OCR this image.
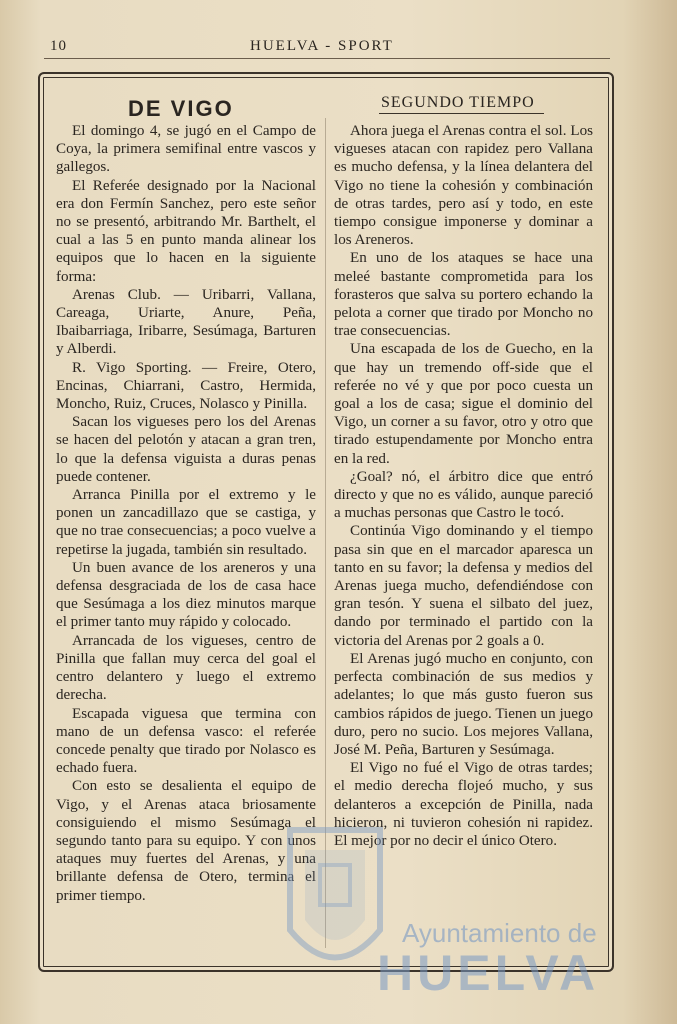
10	HUELVA - SPORT
DE VIGO	SEGUNDO TIEMPO

El domingo 4, se jugó en el Campo de Coya, la primera semifinal entre vascos y gallegos.

El Referée designado por la Nacional era don Fermín Sanchez, pero este señor no se presentó, arbitrando Mr. Barthelt, el cual a las 5 en punto manda alinear los equipos que lo hacen en la siguiente forma:

Arenas Club. — Uribarri, Vallana, Careaga, Uriarte, Anure, Peña, Ibaibarriaga, Iribarre, Sesúmaga, Barturen y Alberdi.

R. Vigo Sporting. — Freire, Otero, Encinas, Chiarrani, Castro, Hermida, Moncho, Ruiz, Cruces, Nolasco y Pinilla.

Sacan los vigueses pero los del Arenas se hacen del pelotón y atacan a gran tren, lo que la defensa viguista a duras penas puede contener.

Arranca Pinilla por el extremo y le ponen un zancadillazo que se castiga, y que no trae consecuencias; a poco vuelve a repetirse la jugada, también sin resultado.

Un buen avance de los areneros y una defensa desgraciada de los de casa hace que Sesúmaga a los diez minutos marque el primer tanto muy rápido y colocado.

Arrancada de los vigueses, centro de Pinilla que fallan muy cerca del goal el centro delantero y luego el extremo derecha.

Escapada viguesa que termina con mano de un defensa vasco: el referée concede penalty que tirado por Nolasco es echado fuera.

Con esto se desalienta el equipo de Vigo, y el Arenas ataca briosamente consiguiendo el mismo Sesúmaga el segundo tanto para su equipo. Y con unos ataques muy fuertes del Arenas, y una brillante defensa de Otero, termina el primer tiempo.

Ahora juega el Arenas contra el sol. Los vigueses atacan con rapidez pero Vallana es mucho defensa, y la línea delantera del Vigo no tiene la cohesión y combinación de otras tardes, pero así y todo, en este tiempo consigue imponerse y dominar a los Areneros.

En uno de los ataques se hace una meleé bastante comprometida para los forasteros que salva su portero echando la pelota a corner que tirado por Moncho no trae consecuencias.

Una escapada de los de Guecho, en la que hay un tremendo off-side que el referée no vé y que por poco cuesta un goal a los de casa; sigue el dominio del Vigo, un corner a su favor, otro y otro que tirado estupendamente por Moncho entra en la red.

¿Goal? nó, el árbitro dice que entró directo y que no es válido, aunque pareció a muchas personas que Castro le tocó.

Continúa Vigo dominando y el tiempo pasa sin que en el marcador aparesca un tanto en su favor; la defensa y medios del Arenas juega mucho, defendiéndose con gran tesón. Y suena el silbato del juez, dando por terminado el partido con la victoria del Arenas por 2 goals a 0.

El Arenas jugó mucho en conjunto, con perfecta combinación de sus medios y adelantes; lo que más gusto fueron sus cambios rápidos de juego. Tienen un juego duro, pero no sucio. Los mejores Vallana, José M. Peña, Barturen y Sesúmaga.

El Vigo no fué el Vigo de otras tardes; el medio derecha flojeó mucho, y sus delanteros a excepción de Pinilla, nada hicieron, ni tuvieron cohesión ni rapidez. El mejor por no decir el único Otero.

Ayuntamiento de
HUELVA
